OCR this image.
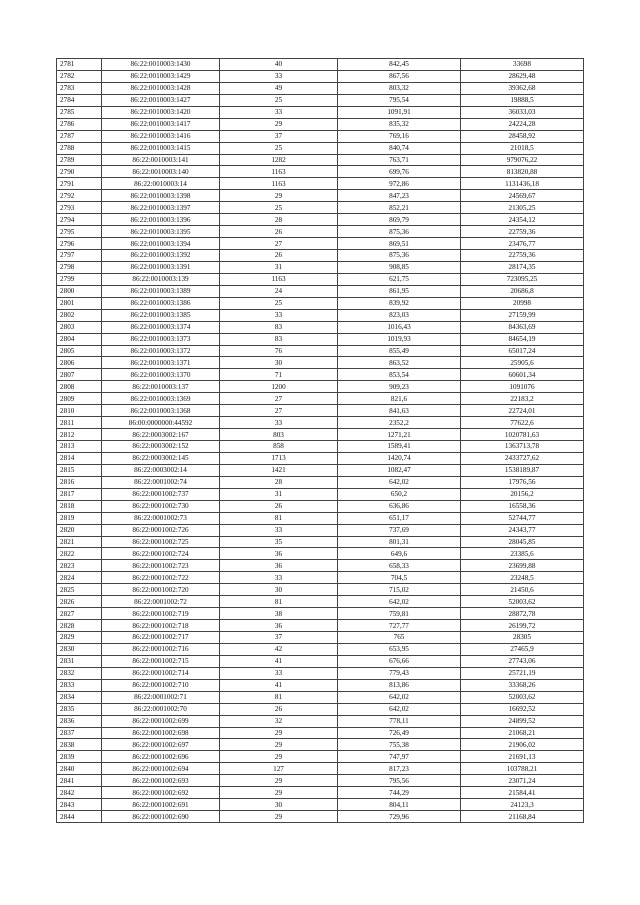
2781	86:22:0010003:1430	40	842,45	33698
2782	86:22:0010003:1429	33	867,56	28629,48
2783	86:22:0010003:1428	49	803,32	39362,68
2784	86:22:0010003:1427	25	795,54	19888,5
2785	86:22:0010003:1420	33	1091,91	36033,03
2786	86:22:0010003:1417	29	835,32	24224,28
2787	86:22:0010003:1416	37	769,16	28458,92
2788	86:22:0010003:1415	25	840,74	21018,5
2789	86:22:0010003:141	1282	763,71	979076,22
2790	86:22:0010003:140	1163	699,76	813820,88
2791	86:22:0010003:14	1163	972,86	1131436,18
2792	86:22:0010003:1398	29	847,23	24569,67
2793	86:22:0010003:1397	25	852,21	21305,25
2794	86:22:0010003:1396	28	869,79	24354,12
2795	86:22:0010003:1395	26	875,36	22759,36
2796	86:22:0010003:1394	27	869,51	23476,77
2797	86:22:0010003:1392	26	875,36	22759,36
2798	86:22:0010003:1391	31	908,85	28174,35
2799	86:22:0010003:139	1163	621,75	723095,25
2800	86:22:0010003:1389	24	861,95	20686,8
2801	86:22:0010003:1386	25	839,92	20998
2802	86:22:0010003:1385	33	823,03	27159,99
2803	86:22:0010003:1374	83	1016,43	84363,69
2804	86:22:0010003:1373	83	1019,93	84654,19
2805	86:22:0010003:1372	76	855,49	65017,24
2806	86:22:0010003:1371	30	863,52	25905,6
2807	86:22:0010003:1370	71	853,54	60601,34
2808	86:22:0010003:137	1200	909,23	1091076
2809	86:22:0010003:1369	27	821,6	22183,2
2810	86:22:0010003:1368	27	841,63	22724,01
2811	86:00:0000000:44592	33	2352,2	77622,6
2812	86:22:0003002:167	803	1271,21	1020781,63
2813	86:22:0003002:152	858	1589,41	1363713,78
2814	86:22:0003002:145	1713	1420,74	2433727,62
2815	86:22:0003002:14	1421	1082,47	1538189,87
2816	86:22:0001002:74	28	642,02	17976,56
2817	86:22:0001002:737	31	650,2	20156,2
2818	86:22:0001002:730	26	636,86	16558,36
2819	86:22:0001002:73	81	651,17	52744,77
2820	86:22:0001002:726	33	737,69	24343,77
2821	86:22:0001002:725	35	801,31	28045,85
2822	86:22:0001002:724	36	649,6	23385,6
2823	86:22:0001002:723	36	658,33	23699,88
2824	86:22:0001002:722	33	704,5	23248,5
2825	86:22:0001002:720	30	715,02	21450,6
2826	86:22:0001002:72	81	642,02	52003,62
2827	86:22:0001002:719	38	759,81	28872,78
2828	86:22:0001002:718	36	727,77	26199,72
2829	86:22:0001002:717	37	765	28305
2830	86:22:0001002:716	42	653,95	27465,9
2831	86:22:0001002:715	41	676,66	27743,06
2832	86:22:0001002:714	33	779,43	25721,19
2833	86:22:0001002:710	41	813,86	33368,26
2834	86:22:0001002:71	81	642,02	52003,62
2835	86:22:0001002:70	26	642,02	16692,52
2836	86:22:0001002:699	32	778,11	24899,52
2837	86:22:0001002:698	29	726,49	21068,21
2838	86:22:0001002:697	29	755,38	21906,02
2839	86:22:0001002:696	29	747,97	21691,13
2840	86:22:0001002:694	127	817,23	103788,21
2841	86:22:0001002:693	29	795,56	23071,24
2842	86:22:0001002:692	29	744,29	21584,41
2843	86:22:0001002:691	30	804,11	24123,3
2844	86:22:0001002:690	29	729,96	21168,84
